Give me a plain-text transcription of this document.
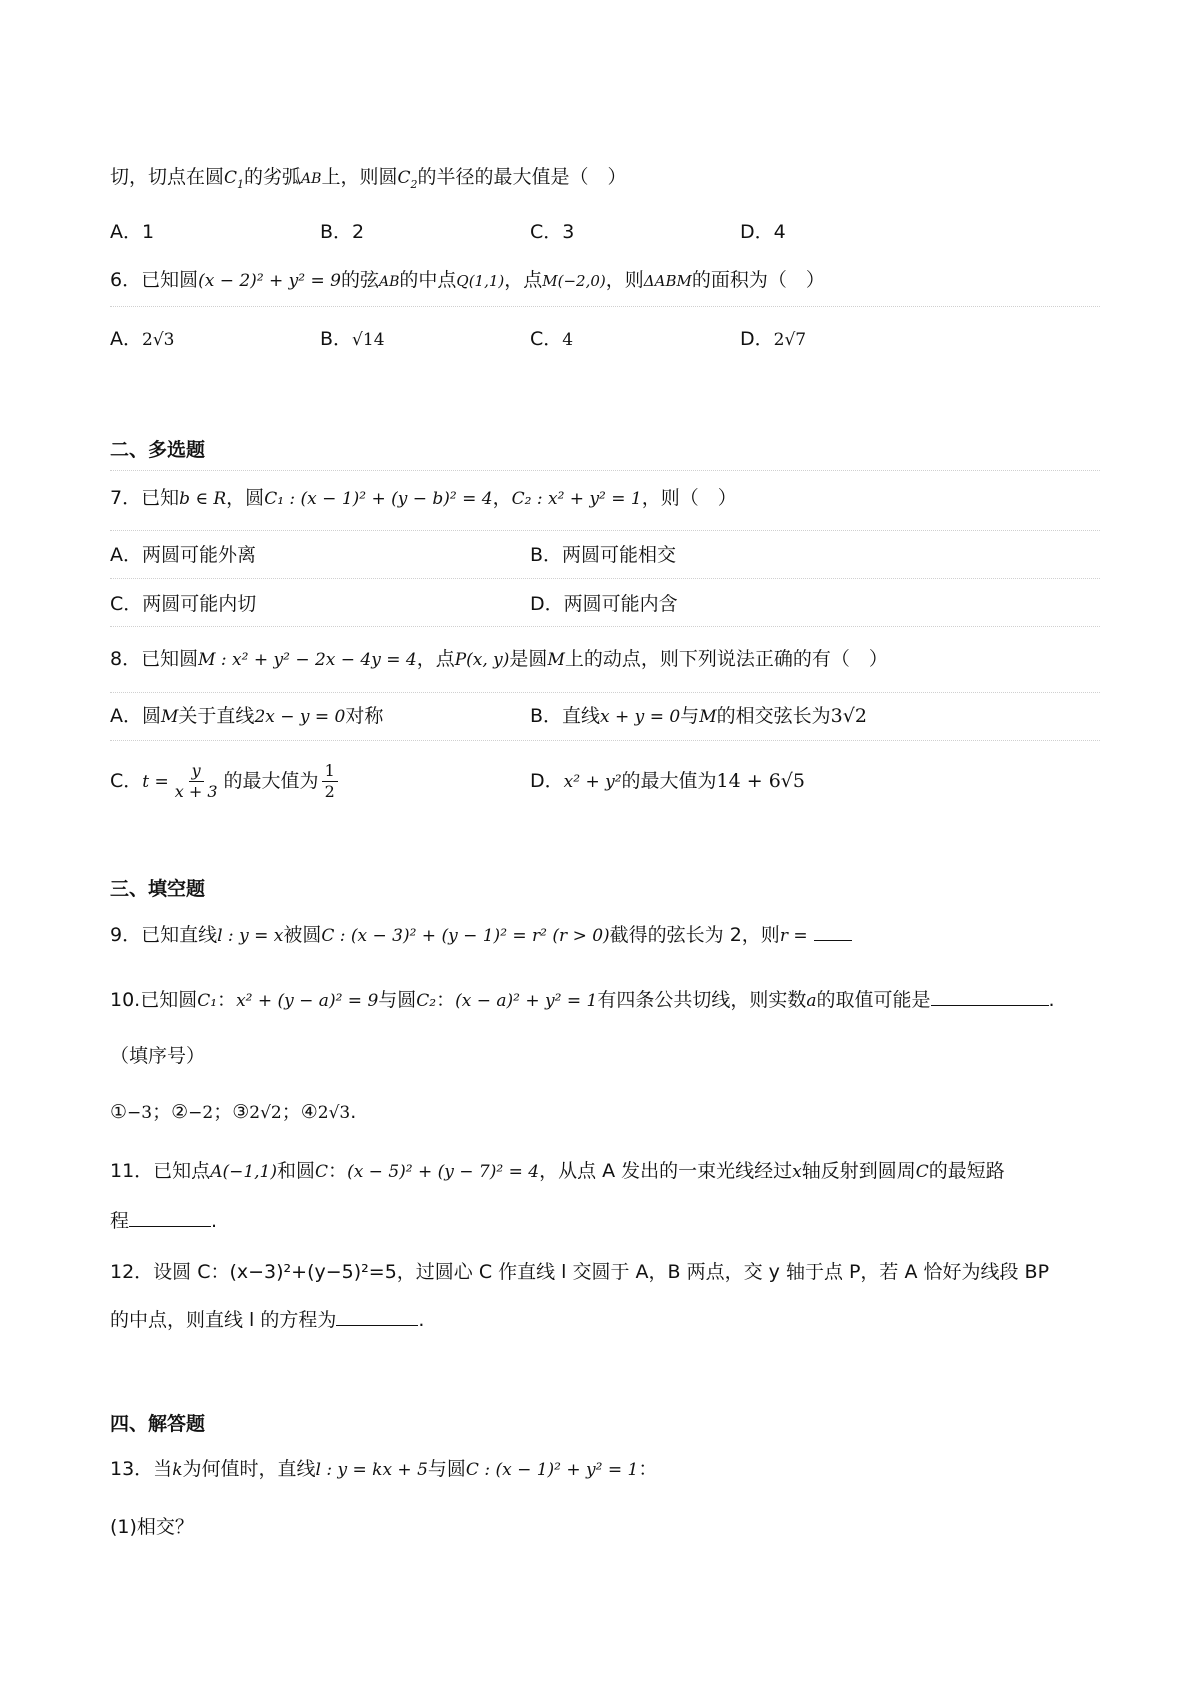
切，切点在圆$C_1$的劣弧AB上，则圆$C_2$的半径的最大值是（　）
A．1	B．2	C．3	D．4
6．已知圆(x − 2)² + y² = 9的弦AB的中点Q(1,1)，点M(−2,0)，则ΔABM的面积为（　）
A．2√3	B．√14	C．4	D．2√7
二、多选题
7．已知b ∈ R，圆C₁ : (x − 1)² + (y − b)² = 4，C₂ : x² + y² = 1，则（　）
A．两圆可能外离	B．两圆可能相交
C．两圆可能内切	D．两圆可能内含
8．已知圆M : x² + y² − 2x − 4y = 4，点P(x, y)是圆M上的动点，则下列说法正确的有（　）
A．圆M关于直线2x − y = 0对称	B．直线x + y = 0与M的相交弦长为3√2
C．$t = \frac{y}{x + 3}$ 的最大值为 $\frac{1}{2}$	D．x² + y²的最大值为14 + 6√5
三、填空题
9．已知直线l : y = x被圆C : (x − 3)² + (y − 1)² = r² (r > 0)截得的弦长为 2，则r =
10.已知圆C₁：x² + (y − a)² = 9与圆C₂：(x − a)² + y² = 1有四条公共切线，则实数a的取值可能是	.
（填序号）
①−3；②−2；③2√2；④2√3.
11．已知点A(−1,1)和圆C：(x − 5)² + (y − 7)² = 4，从点 A 发出的一束光线经过x轴反射到圆周C的最短路
程	.
12．设圆 C：(x−3)²+(y−5)²=5，过圆心 C 作直线 l 交圆于 A，B 两点，交 y 轴于点 P，若 A 恰好为线段 BP
的中点，则直线 l 的方程为	.
四、解答题
13．当k为何值时，直线l : y = kx + 5与圆C : (x − 1)² + y² = 1：
(1)相交？
